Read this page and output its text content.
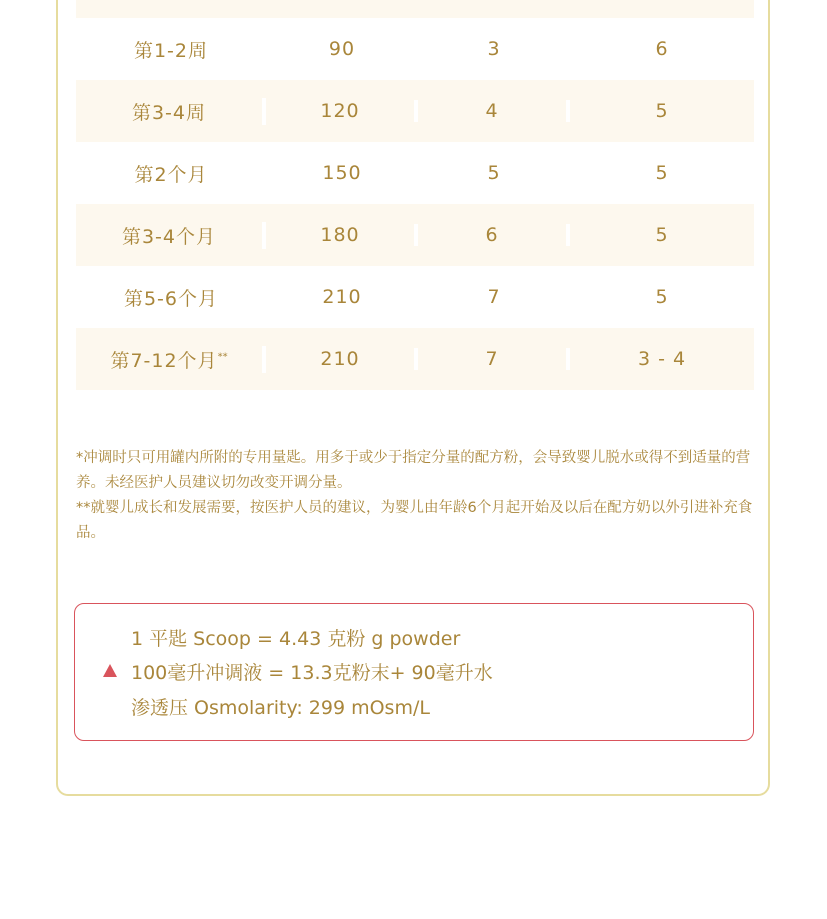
第1-2周	90	3	6
第3-4周	120	4	5
第2个月	150	5	5
第3-4个月	180	6	5
第5-6个月	210	7	5
第7-12个月**	210	7	3 - 4

*冲调时只可用罐内所附的专用量匙。用多于或少于指定分量的配方粉，会导致婴儿脱水或得不到适量的营养。未经医护人员建议切勿改变开调分量。

**就婴儿成长和发展需要，按医护人员的建议，为婴儿由年龄6个月起开始及以后在配方奶以外引进补充食品。

1 平匙 Scoop = 4.43 克粉 g powder
100毫升冲调液 = 13.3克粉末+ 90毫升水
渗透压 Osmolarity: 299 mOsm/L
